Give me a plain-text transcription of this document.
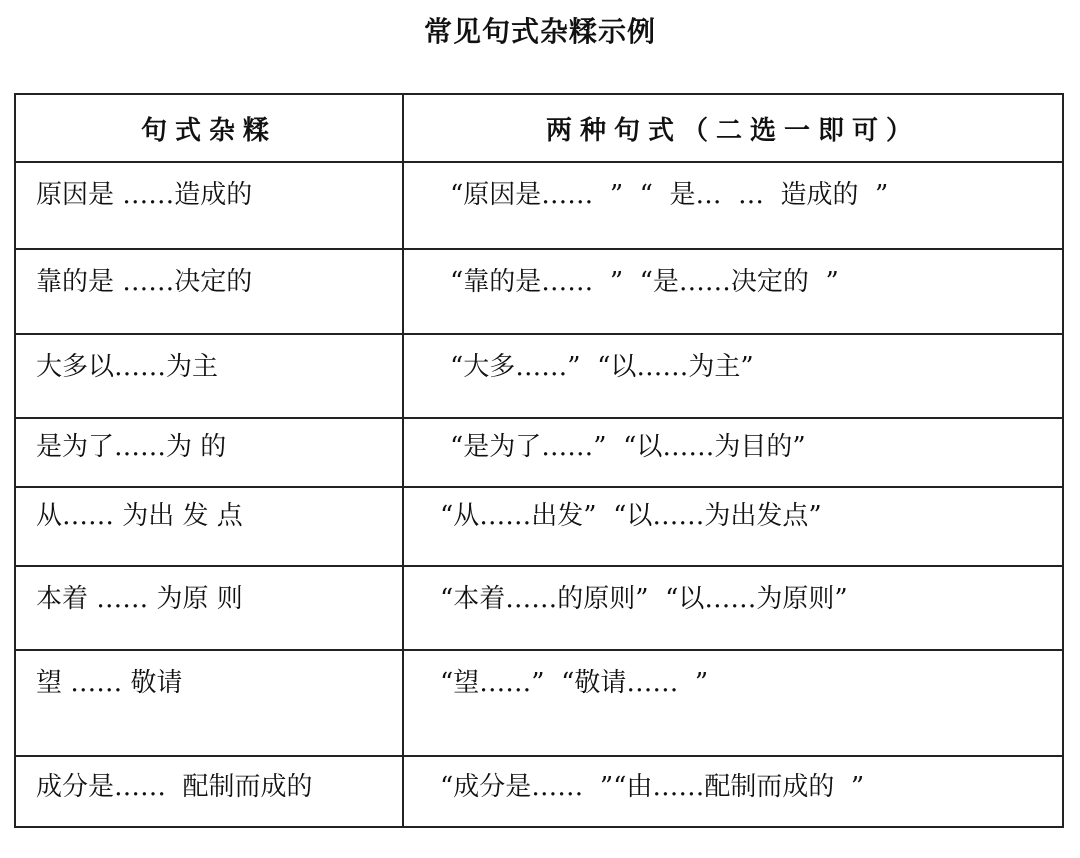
常见句式杂糅示例
句式杂糅	两种句式（二选一即可）

原因是 ……造成的	“原因是……  ”  “  是…  …  造成的  ”

靠的是 ……决定的	“靠的是……  ”  “是……决定的  ”

大多以……为主	“大多……”  “以……为主”

是为了……为 的	“是为了……”  “以……为目的”

从…… 为出 发 点	“从……出发”  “以……为出发点”

本着 …… 为原 则	“本着……的原则”  “以……为原则”

望 …… 敬请	“望……”  “敬请……  ”

成分是……  配制而成的	“成分是……  ”“由……配制而成的  ”
